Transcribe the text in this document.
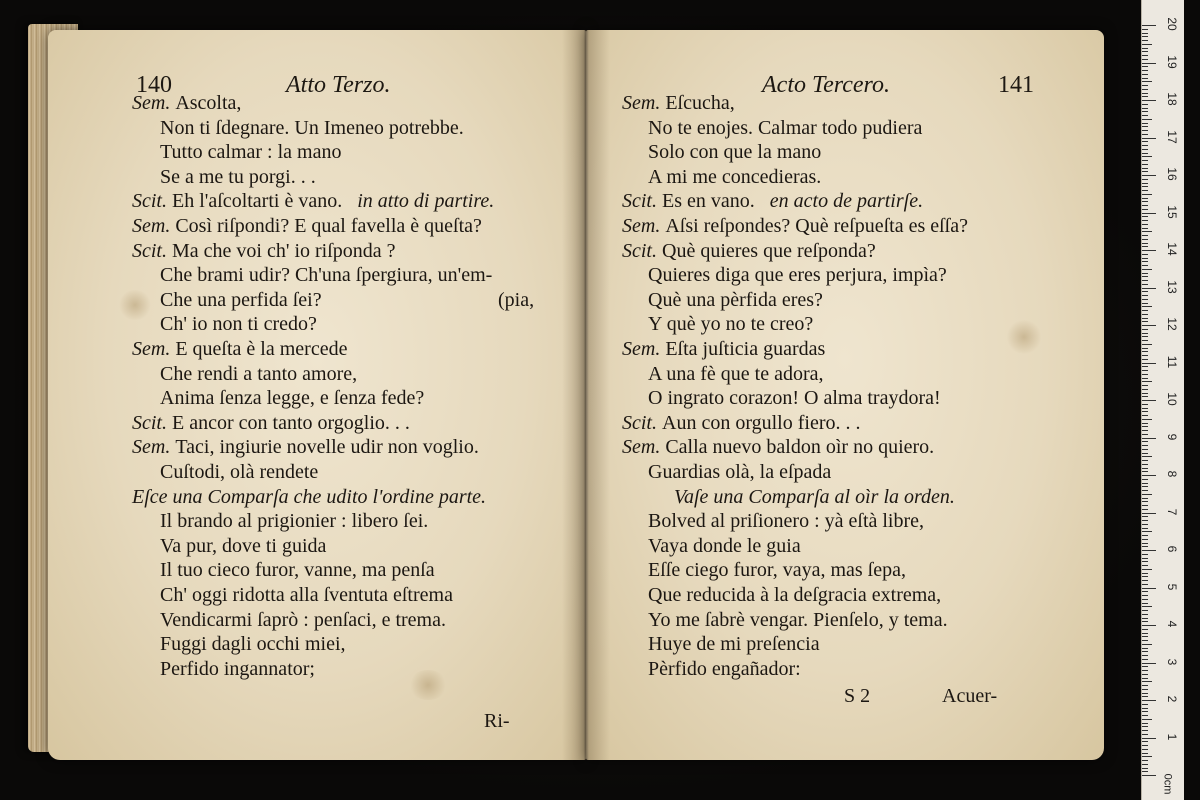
140	Atto Terzo.
Sem. Ascolta,
Non ti ſdegnare. Un Imeneo potrebbe.
Tutto calmar : la mano
Se a me tu porgi. . .
Scit. Eh l'aſcoltarti è vano. in atto di partire.
Sem. Così riſpondi? E qual favella è queſta?
Scit. Ma che voi ch' io riſponda ?
Che brami udir? Ch'una ſpergiura, un'em-
Che una perfida ſei?	(pia,
Ch' io non ti credo?
Sem. E queſta è la mercede
Che rendi a tanto amore,
Anima ſenza legge, e ſenza fede?
Scit. E ancor con tanto orgoglio. . .
Sem. Taci, ingiurie novelle udir non voglio.
Cuſtodi, olà rendete
Eſce una Comparſa che udito l'ordine parte.
Il brando al prigionier : libero ſei.
Va pur, dove ti guida
Il tuo cieco furor, vanne, ma penſa
Ch' oggi ridotta alla ſventuta eſtrema
Vendicarmi ſaprò : penſaci, e trema.
Fuggi dagli occhi miei,
Perfido ingannator;
Ri-
Acto Tercero.	141
Sem. Eſcucha,
No te enojes. Calmar todo pudiera
Solo con que la mano
A mi me concedieras.
Scit. Es en vano. en acto de partirſe.
Sem. Aſsi reſpondes? Què reſpueſta es eſſa?
Scit. Què quieres que reſponda?
Quieres diga que eres perjura, impìa?
Què una pèrfida eres?
Y què yo no te creo?
Sem. Eſta juſticia guardas
A una fè que te adora,
O ingrato corazon! O alma traydora!
Scit. Aun con orgullo fiero. . .
Sem. Calla nuevo baldon oìr no quiero.
Guardias olà, la eſpada
Vaſe una Comparſa al oìr la orden.
Bolved al priſionero : yà eſtà libre,
Vaya donde le guia
Eſſe ciego furor, vaya, mas ſepa,
Que reducida à la deſgracia extrema,
Yo me ſabrè vengar. Pienſelo, y tema.
Huye de mi preſencia
Pèrfido engañador:
S 2	Acuer-
0cm
1
2
3
4
5
6
7
8
9
10
11
12
13
14
15
16
17
18
19
20
